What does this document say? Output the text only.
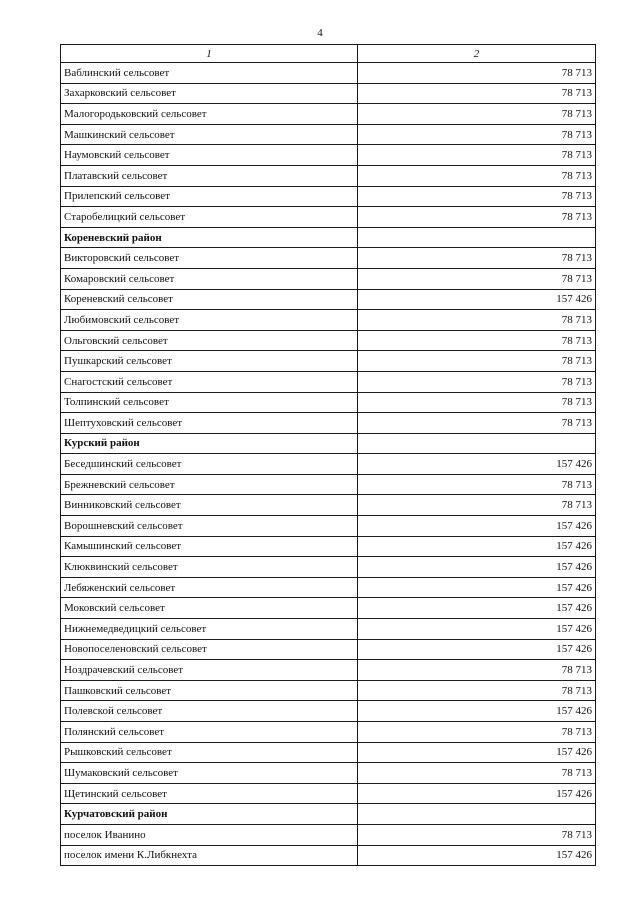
4
1	2
Ваблинский сельсовет	78 713
Захарковский сельсовет	78 713
Малогородьковский сельсовет	78 713
Машкинский сельсовет	78 713
Наумовский сельсовет	78 713
Платавский сельсовет	78 713
Прилепский сельсовет	78 713
Старобелицкий сельсовет	78 713
Кореневский район	
Викторовский сельсовет	78 713
Комаровский сельсовет	78 713
Кореневский сельсовет	157 426
Любимовский сельсовет	78 713
Ольговский сельсовет	78 713
Пушкарский сельсовет	78 713
Снагостский сельсовет	78 713
Толпинский сельсовет	78 713
Шептуховский сельсовет	78 713
Курский район	
Беседшинский сельсовет	157 426
Брежневский сельсовет	78 713
Винниковский сельсовет	78 713
Ворошневский сельсовет	157 426
Камышинский сельсовет	157 426
Клюквинский сельсовет	157 426
Лебяженский сельсовет	157 426
Моковский сельсовет	157 426
Нижнемедведицкий сельсовет	157 426
Новопоселеновский сельсовет	157 426
Ноздрачевский сельсовет	78 713
Пашковский сельсовет	78 713
Полевской сельсовет	157 426
Полянский сельсовет	78 713
Рышковский сельсовет	157 426
Шумаковский сельсовет	78 713
Щетинский сельсовет	157 426
Курчатовский район	
поселок Иванино	78 713
поселок имени К.Либкнехта	157 426
